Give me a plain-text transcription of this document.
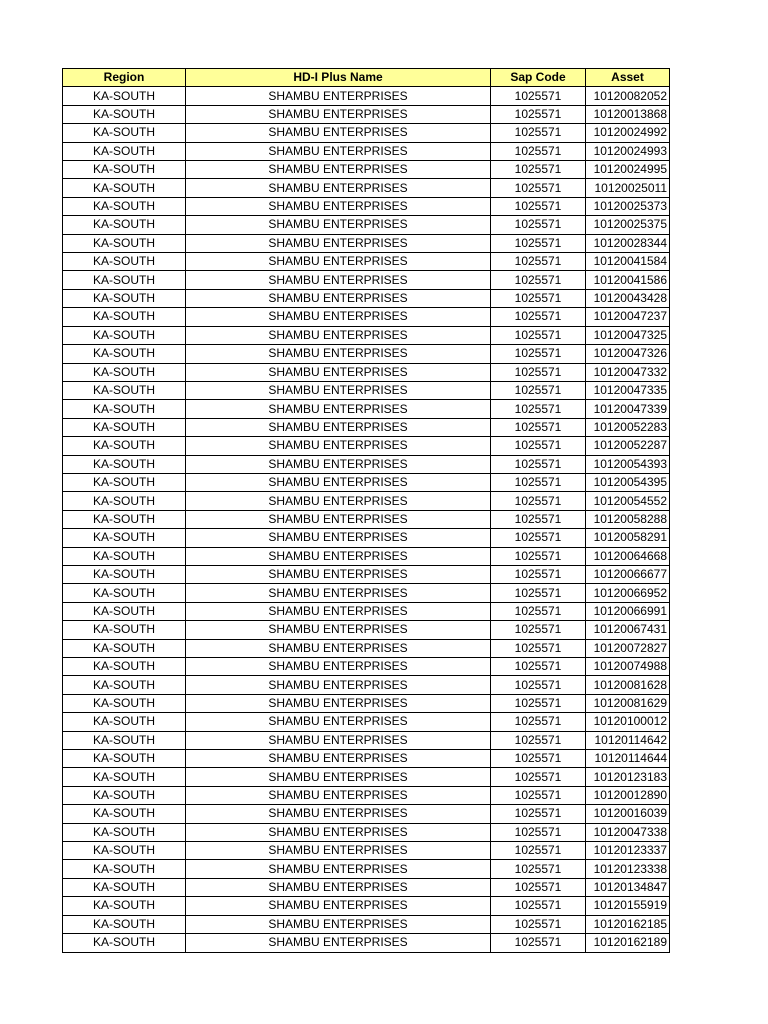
Region	HD-I Plus Name	Sap Code	Asset
KA-SOUTH	SHAMBU ENTERPRISES	1025571	10120082052
KA-SOUTH	SHAMBU ENTERPRISES	1025571	10120013868
KA-SOUTH	SHAMBU ENTERPRISES	1025571	10120024992
KA-SOUTH	SHAMBU ENTERPRISES	1025571	10120024993
KA-SOUTH	SHAMBU ENTERPRISES	1025571	10120024995
KA-SOUTH	SHAMBU ENTERPRISES	1025571	10120025011
KA-SOUTH	SHAMBU ENTERPRISES	1025571	10120025373
KA-SOUTH	SHAMBU ENTERPRISES	1025571	10120025375
KA-SOUTH	SHAMBU ENTERPRISES	1025571	10120028344
KA-SOUTH	SHAMBU ENTERPRISES	1025571	10120041584
KA-SOUTH	SHAMBU ENTERPRISES	1025571	10120041586
KA-SOUTH	SHAMBU ENTERPRISES	1025571	10120043428
KA-SOUTH	SHAMBU ENTERPRISES	1025571	10120047237
KA-SOUTH	SHAMBU ENTERPRISES	1025571	10120047325
KA-SOUTH	SHAMBU ENTERPRISES	1025571	10120047326
KA-SOUTH	SHAMBU ENTERPRISES	1025571	10120047332
KA-SOUTH	SHAMBU ENTERPRISES	1025571	10120047335
KA-SOUTH	SHAMBU ENTERPRISES	1025571	10120047339
KA-SOUTH	SHAMBU ENTERPRISES	1025571	10120052283
KA-SOUTH	SHAMBU ENTERPRISES	1025571	10120052287
KA-SOUTH	SHAMBU ENTERPRISES	1025571	10120054393
KA-SOUTH	SHAMBU ENTERPRISES	1025571	10120054395
KA-SOUTH	SHAMBU ENTERPRISES	1025571	10120054552
KA-SOUTH	SHAMBU ENTERPRISES	1025571	10120058288
KA-SOUTH	SHAMBU ENTERPRISES	1025571	10120058291
KA-SOUTH	SHAMBU ENTERPRISES	1025571	10120064668
KA-SOUTH	SHAMBU ENTERPRISES	1025571	10120066677
KA-SOUTH	SHAMBU ENTERPRISES	1025571	10120066952
KA-SOUTH	SHAMBU ENTERPRISES	1025571	10120066991
KA-SOUTH	SHAMBU ENTERPRISES	1025571	10120067431
KA-SOUTH	SHAMBU ENTERPRISES	1025571	10120072827
KA-SOUTH	SHAMBU ENTERPRISES	1025571	10120074988
KA-SOUTH	SHAMBU ENTERPRISES	1025571	10120081628
KA-SOUTH	SHAMBU ENTERPRISES	1025571	10120081629
KA-SOUTH	SHAMBU ENTERPRISES	1025571	10120100012
KA-SOUTH	SHAMBU ENTERPRISES	1025571	10120114642
KA-SOUTH	SHAMBU ENTERPRISES	1025571	10120114644
KA-SOUTH	SHAMBU ENTERPRISES	1025571	10120123183
KA-SOUTH	SHAMBU ENTERPRISES	1025571	10120012890
KA-SOUTH	SHAMBU ENTERPRISES	1025571	10120016039
KA-SOUTH	SHAMBU ENTERPRISES	1025571	10120047338
KA-SOUTH	SHAMBU ENTERPRISES	1025571	10120123337
KA-SOUTH	SHAMBU ENTERPRISES	1025571	10120123338
KA-SOUTH	SHAMBU ENTERPRISES	1025571	10120134847
KA-SOUTH	SHAMBU ENTERPRISES	1025571	10120155919
KA-SOUTH	SHAMBU ENTERPRISES	1025571	10120162185
KA-SOUTH	SHAMBU ENTERPRISES	1025571	10120162189
